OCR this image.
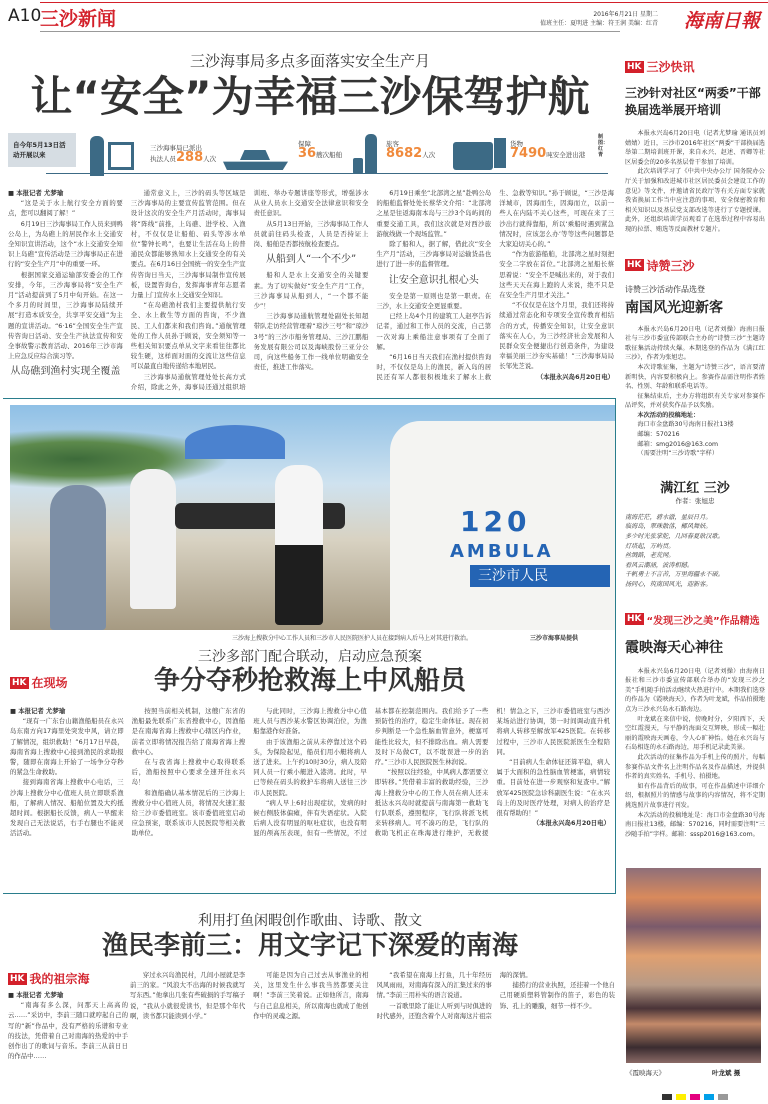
A10
三沙新闻	2016年6月21日 星期二
值班主任：夏明进 主编：符王润 美编：红青 海南日報
三沙海事局多点多面落实安全生产月
让“安全”为幸福三沙保驾护航
自今年5月13日活动开展以来
三沙海事局已派出
执法人员288人次
保障
36艘次船舶
旅客
8682人次
货物
7490吨安全进出港
制图：红青

■ 本报记者 尤梦瑜

“这是关于水上航行安全方面的要点，您可以翻阅了解！”

6月19日三沙海事局工作人员来到鸭公岛上，为岛礁上的居民作水上交通安全知识宣讲活动，这个“水上交通安全知识上岛礁”宣传活动是三沙海事局正在进行的“安全生产月”中的重要一环。

根据国家交通运输部安委会的工作安排，今年，三沙海事局将“安全生产月”活动提前到了5月中旬开始。在这一个多月的时间里，三沙海事局陆续开展“打造本质安全，共享平安交通”为主题的宣讲活动。“6·16”全国安全生产宣传咨询日活动、安全生产执法宣传和安全事故警示教育活动、2016年三沙市海上应急反应综合演习等。

从岛礁到渔村实现全覆盖

通常意义上，三沙的码头等区域是三沙海事局的主要宣传监管范围。但在设计这次的安全生产月活动时，海事局将“阵线”前推，上岛礁、进学校、入渔村，不仅仅是让船舶、码头等涉水单位“警钟长鸣”，也要让生活在岛上的普通民众都能够熟知水上交通安全的有关要点。在6月16日全国统一的安全生产宣传咨询日当天，三沙海事局制作宣传展板，设置咨询台，发挥海事青年志愿者力量上门宣传水上交通安全知识。

“在岛礁渔村我们主要提供航行安全、水上救生等方面的咨询，不少渔民、工人们都来和我们咨询。”通航管理处的工作人员孙于顾说，安全须知等一些相关知识要点单从文字来看往往都比较生硬，这样面对面的交流让这些信息可以最直白地传递给本地居民。

三沙海事局通航管理处处长高方式介绍，除此之外，海事局还通过组织培训班、举办专题讲座等形式，增强涉水从业人员水上交通安全法律意识和安全责任意识。

从5月13日开始，三沙海事局工作人员就前往码头检查，人员是否持证上岗、船舶是否都按航检查要点。

从船到人“一个不少”

船和人是水上交通安全的关键要素。为了切实做好“安全生产月”工作，三沙海事局从船到人，“一个都不能少”！

三沙海事局通航管理处副处长知超带队走访经营管理着“琼沙三号”和“琼沙3号”的三沙市船务管理局、三沙江鹏船务发展有限公司以及海峡股份三亚分公司，向这些船务工作一线单位明确安全责任，推进工作落实。

6月19日乘坐“北部湾之星”赴鸭公岛的船舶监督处处长蔡华文介绍：“北部湾之星是往返海南本岛与三沙3个岛屿间的重要交通工具，我们这次就是对西沙旅游航线做一个现场监管。”

除了船和人，据了解，借此次“安全生产月”活动，三沙海事局对运输货品也进行了进一步的监督管理。

让安全意识扎根心头

安全是第一原则也是第一职责。在三沙，水上交通安全更显重要。

已经上岛4个月的建筑工人赵亭告诉记者，通过和工作人员的交流，自己第一次对海上乘船注意事项有了全面了解。

“6月16日当天我们在渔村提供咨询时，不仅仅是岛上的渔民，新入岛的居民还有军人都很积极地来了解水上救生、急救等知识。”孙于顾说，“三沙是海洋城市，因海而生，因海而立，以前一些人在内陆不关心这些，可现在来了三沙出行就得靠船，所以‘乘船时遇到紧急情况时，应该怎么办’等等这些问题都是大家迫切关心的。”

“作为旅游船舶，北部湾之星时刻把安全二字放在首位。”北部湾之星船长蔡思着说：“安全不是喊出来的，对于我们这些天天在海上跑的人来说，绝不只是在安全生产月里才关注。”

“不仅仅是在这个月里，我们还将持续通过常态化和专项安全宣传教育相结合的方式，传播安全知识，让安全意识落实在人心，为三沙经济社会发展和人民群众安全便捷出行创造条件，为建设幸福美丽三沙夯实基础！”三沙海事局局长邹先芝说。

（本报永兴岛6月20日电）

120
AMBULA
三沙市人民
三沙海上搜救分中心工作人员和三沙市人民医院医护人员在接到病人后马上对其进行救治。	三沙市海事局提供
HK 在现场
三沙多部门配合联动，启动应急预案
争分夺秒抢救海上中风船员

■ 本报记者 尤梦瑜

“现有一广东台山籍渔船船员在永兴岛东南方向17海里处突发中风，请立即了解情况，组织救助！”6月17日早晨，海南省海上搜救中心接到渔民的求助报警，随即在南海上开始了一场争分夺秒的紧急生命救助。

接到海南省海上搜救中心电话，三沙海上搜救分中心值班人员立即联系渔船，了解病人情况、船舶位置及大约抵超时间。根据船长反馈，病人一早醒来发现自己无法说话，右手右腿也不能灵活活动。

按照当前相关机制，这艘广东省的渔船最先联系广东省搜救中心，因渔船是在南海省海上搜救中心辖区内作业，前者立即将情况报告给了南海省海上搜救中心。

在与我省海上搜救中心取得联系后，渔船按照中心要求全速开往永兴岛！

和渔船确认基本情况后的三沙海上搜救分中心值班人员，将情况火速汇报给三沙市委值班室。该市委值班室启动应急预案，联系该市人民医院等相关救助单位。

与此同时，三沙海上搜救分中心值班人员与西沙某水警区协调泊位，为渔船靠港作好准备。

由于该渔船之前从未停靠过这个码头，为保险起见，船员们用小艇将病人送了进来。上午约10时30分，病人及陪同人员一行乘小艇进入港湾。此时，早已等候在码头的救护车将病人送往三沙市人民医院。

“病人早上6时出现症状，发病的时候右侧肢体偏瘫，伴有失语症状。入院后病人没有明显的呕吐症状，也没有明显的颅高压表现，但有一些情况，不过基本都在控制范围内。我们给予了一些预防性的治疗，稳定生命体征。现在初步判断是一个急性脑血管意外，梗塞可能性比较大，但不排除出血。病人需要及时下岛做CT，以不耽误进一步的治疗。”三沙市人民医院医生林润说。

“按照以往经验，中风病人都需要立即转移。”凭借着丰富的救助经验，三沙海上搜救分中心的工作人员在病人还未抵达永兴岛时就提前与南海第一救助飞行队联系，遵照程序，飞行队将派飞机来转移病人。可不凑巧的是，飞行队的救助飞机正在珠海进行维护，无救援机！情急之下，三沙市委值班室与西沙某场站进行协调，第一时间调动直升机将病人转移至解放军425医院。在转移过程中，三沙市人民医院派医生全程陪同。

“目前病人生命体征还算平稳，病人属于大面积的急性脑血管梗塞，病情较重。目前处在进一步观察和复查中。”解放军425医院急诊科副医生说：“在永兴岛上的及时医疗处理，对病人的治疗是很有帮助的！”

（本报永兴岛6月20日电）

利用打鱼闲暇创作歌曲、诗歌、散文
渔民李前三：用文字记下深爱的南海
HK 我的祖宗海

■ 本报记者 尤梦瑜

“南海有多么深，问那天上高高的云……”采访中，李前三随口就哼起自己的写的“新”作品中，没有严格的乐谱和专业的技法，凭借着自己对南海的热爱的中手创作出了的歌词与音乐。李前三从前日日的作品中……

穿过永兴岛渔民村，几间小屋就是李前三的家。“风浪大不出海的时候我就写写东西。”他拿出几张有些破损的手写稿子说，“我从小就很爱读书，但是那个年代啊，读书都只能读到小学。”

可能是因为自己过去从事渔业的相关，这里发生什么事我当然都要关注啊！”李前三笑着说。正如他所言，南海与自己息息相关，所以南海也就成了他创作中的灵魂之源。

“我希望在南海上打鱼，几十年经历风风雨雨，对南海有深入的汇集过来的事情。”李前三用朴实的语言说道。

一首歌里除了能让人听到与时俱进的时代感外，还饱含着个人对南海这片祖宗海的深情。

捕捞行的营业执照，还挂着一个他自己用硬质塑料管制作的笛子，彩色的装饰、孔上的雕膜，细节一样不少。

HK 三沙快讯
三沙针对社区“两委”干部换届选举展开培训

本报永兴岛6月20日电（记者尤梦瑜 通讯员刘婧婧）近日，三沙市2016年社区“两委”干部换届选举第二期培训班开课，来自永兴、赵述、晋卿等社区居委会的20多名基层骨干参加了培训。

此次培训学习了《中共中央办公厅 国务院办公厅关于加强和改进城市社区居民委员会建设工作的意见》等文件，并邀请省民政厅等有关方面专家就我省换届工作当中应注意的事项、安全保密教育和相关知识以及基层党支部改选等进行了专题授课。此外，还组织培训学员观看了在选举过程中容易出现的拉票、贿选等反面教材专题片。

HK 诗赞三沙
诗赞三沙活动作品选登
南国风光迎新客

本报永兴岛6月20日电（记者刘操）海南日报社与三沙市委宣传部联合主办的“诗赞三沙”主题诗歌征集活动持续火爆。本期选登的作品为《满江红 三沙》，作者为张旭忠。

本次诗歌征集，主题为“诗赞三沙”，语言要清新明快，内容要积极向上。参赛作品需注明作者姓名、性别、年龄和联系电话等。

征集结束后，主办方将组织有关专家对参赛作品评奖，并对获奖作品予以奖励。

本次活动的投稿地址：

海口市金盘路30号海南日报社13楼

邮编：570216

邮箱：smg2016@163.com

（需要注明“三沙诗歌”字样）

满江红 三沙
作者：张旭忠

南海茫茫，碧水澈，星辰日月。

临海岛，翠珠散落，椰风舞妖。

多少时光张掌舵，几回春夏耿汉歌。

灯塔起，万屿贯。

丝绸路，老荒网。

看风云潮涌，波涛相撼。

千帆勇士不言苦，万里海疆永不破。

扬同心，筑南国风光，迎新客。

HK “发现三沙之美”作品精选
霞映海天心神往

本报永兴岛6月20日电（记者刘操）由海南日报社和三沙市委宣传部联合举办的“发现三沙之美”手机随手拍活动继续火热进行中。本期我们选登的作品为《霞映海天》，作者为叶龙斌，作品拍摄地点为三沙永兴岛永石路海边。

叶龙斌在来信中说，傍晚时分，夕阳西下，天空红霞漫天，与平静的海面交互辉映，形成一幅壮丽的霞映海天画卷，令人心旷神怡。她在永兴岛与石岛相连的永石路海边，用手机记录此美景。

此次活动的征集作品为手机上传的照片，每幅参赛作品文件名上注明作品名及作品描述，并提供作者的真实姓名、手机号、拍摄地。

如有作品背后的故事，可在作品描述中详细介绍，根据照片的情感与故事的内容情况，将不定期挑选照片故事进行刊发。

本次活动的投稿地址是：海口市金盘路30号海南日报社13楼，邮编：570216，同时需要注明“三沙随手拍”字样。邮箱：sssp2016@163.com。

《霞映海天》	叶龙斌 摄
